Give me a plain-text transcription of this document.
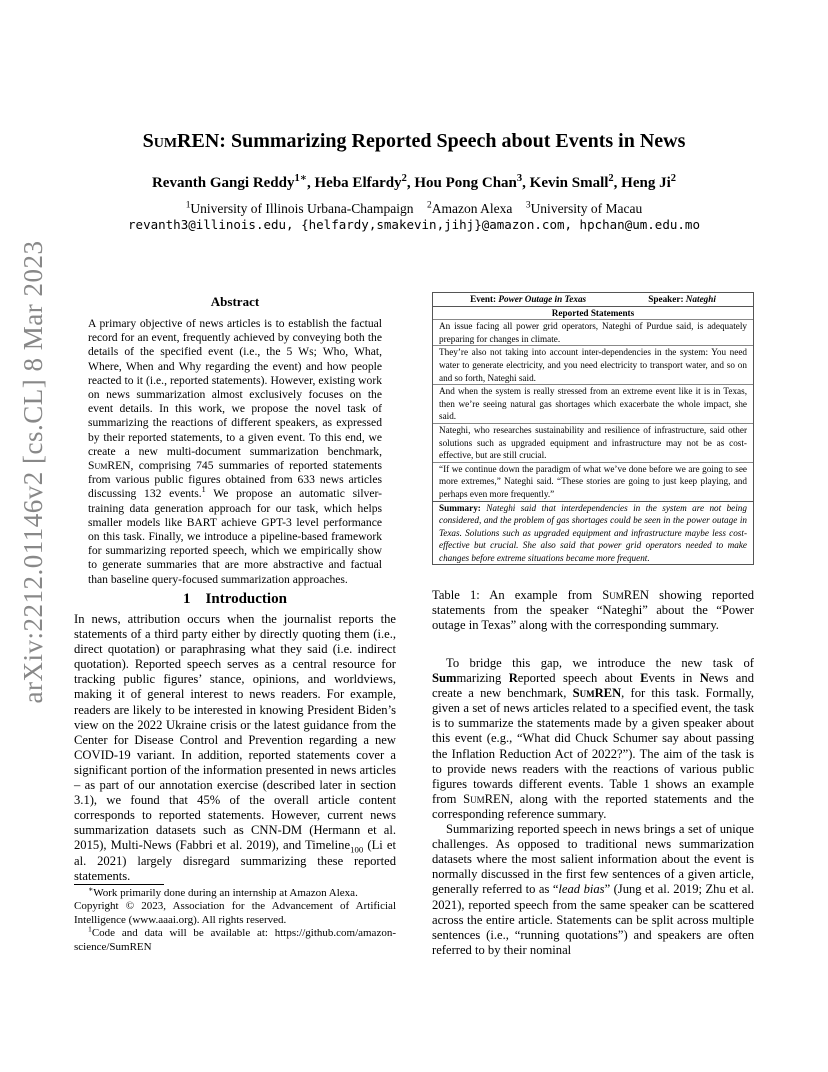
SumREN: Summarizing Reported Speech about Events in News
Revanth Gangi Reddy$^{1∗}$, Heba Elfardy$^2$, Hou Pong Chan$^3$, Kevin Small$^2$, Heng Ji$^2$
$^1$University of Illinois Urbana-Champaign $^2$Amazon Alexa $^3$University of Macau
revanth3@illinois.edu, {helfardy,smakevin,jihj}@amazon.com, hpchan@um.edu.mo
arXiv:2212.01146v2 [cs.CL] 8 Mar 2023	Abstract
A primary objective of news articles is to establish the factual record for an event, frequently achieved by conveying both the details of the specified event (i.e., the 5 Ws; Who, What, Where, When and Why regarding the event) and how people reacted to it (i.e., reported statements). However, existing work on news summarization almost exclusively focuses on the event details. In this work, we propose the novel task of summarizing the reactions of different speakers, as expressed by their reported statements, to a given event. To this end, we create a new multi-document summarization benchmark, SumREN, comprising 745 summaries of reported statements from various public figures obtained from 633 news articles discussing 132 events.$^1$ We propose an automatic silver-training data generation approach for our task, which helps smaller models like BART achieve GPT-3 level performance on this task. Finally, we introduce a pipeline-based framework for summarizing reported speech, which we empirically show to generate summaries that are more abstractive and factual than baseline query-focused summarization approaches.
1    Introduction
In news, attribution occurs when the journalist reports the statements of a third party either by directly quoting them (i.e., direct quotation) or paraphrasing what they said (i.e. indirect quotation). Reported speech serves as a central resource for tracking public figures’ stance, opinions, and worldviews, making it of general interest to news readers. For example, readers are likely to be interested in knowing President Biden’s view on the 2022 Ukraine crisis or the latest guidance from the Center for Disease Control and Prevention regarding a new COVID-19 variant. In addition, reported statements cover a significant portion of the information presented in news articles – as part of our annotation exercise (described later in section 3.1), we found that 45% of the overall article content corresponds to reported statements. However, current news summarization datasets such as CNN-DM (Hermann et al. 2015), Multi-News (Fabbri et al. 2019), and Timeline$_{100}$ (Li et al. 2021) largely disregard summarizing these reported statements.

∗Work primarily done during an internship at Amazon Alexa.

Copyright © 2023, Association for the Advancement of Artificial Intelligence (www.aaai.org). All rights reserved.

$^1$Code and data will be available at: https://github.com/amazon-science/SumREN

Event: Power Outage in Texas	Speaker: Nateghi
Reported Statements
An issue facing all power grid operators, Nateghi of Purdue said, is adequately preparing for changes in climate.
They’re also not taking into account inter-dependencies in the system: You need water to generate electricity, and you need electricity to transport water, and so on and so forth, Nateghi said.
And when the system is really stressed from an extreme event like it is in Texas, then we’re seeing natural gas shortages which exacerbate the whole impact, she said.
Nateghi, who researches sustainability and resilience of infrastructure, said other solutions such as upgraded equipment and infrastructure may not be as cost-effective, but are still crucial.
“If we continue down the paradigm of what we’ve done before we are going to see more extremes,” Nateghi said. “These stories are going to just keep playing, and perhaps even more frequently.”
Summary: Nateghi said that interdependencies in the system are not being considered, and the problem of gas shortages could be seen in the power outage in Texas. Solutions such as upgraded equipment and infrastructure maybe less cost-effective but crucial. She also said that power grid operators needed to make changes before extreme situations became more frequent.
Table 1: An example from SumREN showing reported statements from the speaker “Nateghi” about the “Power outage in Texas” along with the corresponding summary.

To bridge this gap, we introduce the new task of Summarizing Reported speech about Events in News and create a new benchmark, SumREN, for this task. Formally, given a set of news articles related to a specified event, the task is to summarize the statements made by a given speaker about this event (e.g., “What did Chuck Schumer say about passing the Inflation Reduction Act of 2022?”). The aim of the task is to provide news readers with the reactions of various public figures towards different events. Table 1 shows an example from SumREN, along with the reported statements and the corresponding reference summary.

Summarizing reported speech in news brings a set of unique challenges. As opposed to traditional news summarization datasets where the most salient information about the event is normally discussed in the first few sentences of a given article, generally referred to as “lead bias” (Jung et al. 2019; Zhu et al. 2021), reported speech from the same speaker can be scattered across the entire article. Statements can be split across multiple sentences (i.e., “running quotations”) and speakers are often referred to by their nominal
